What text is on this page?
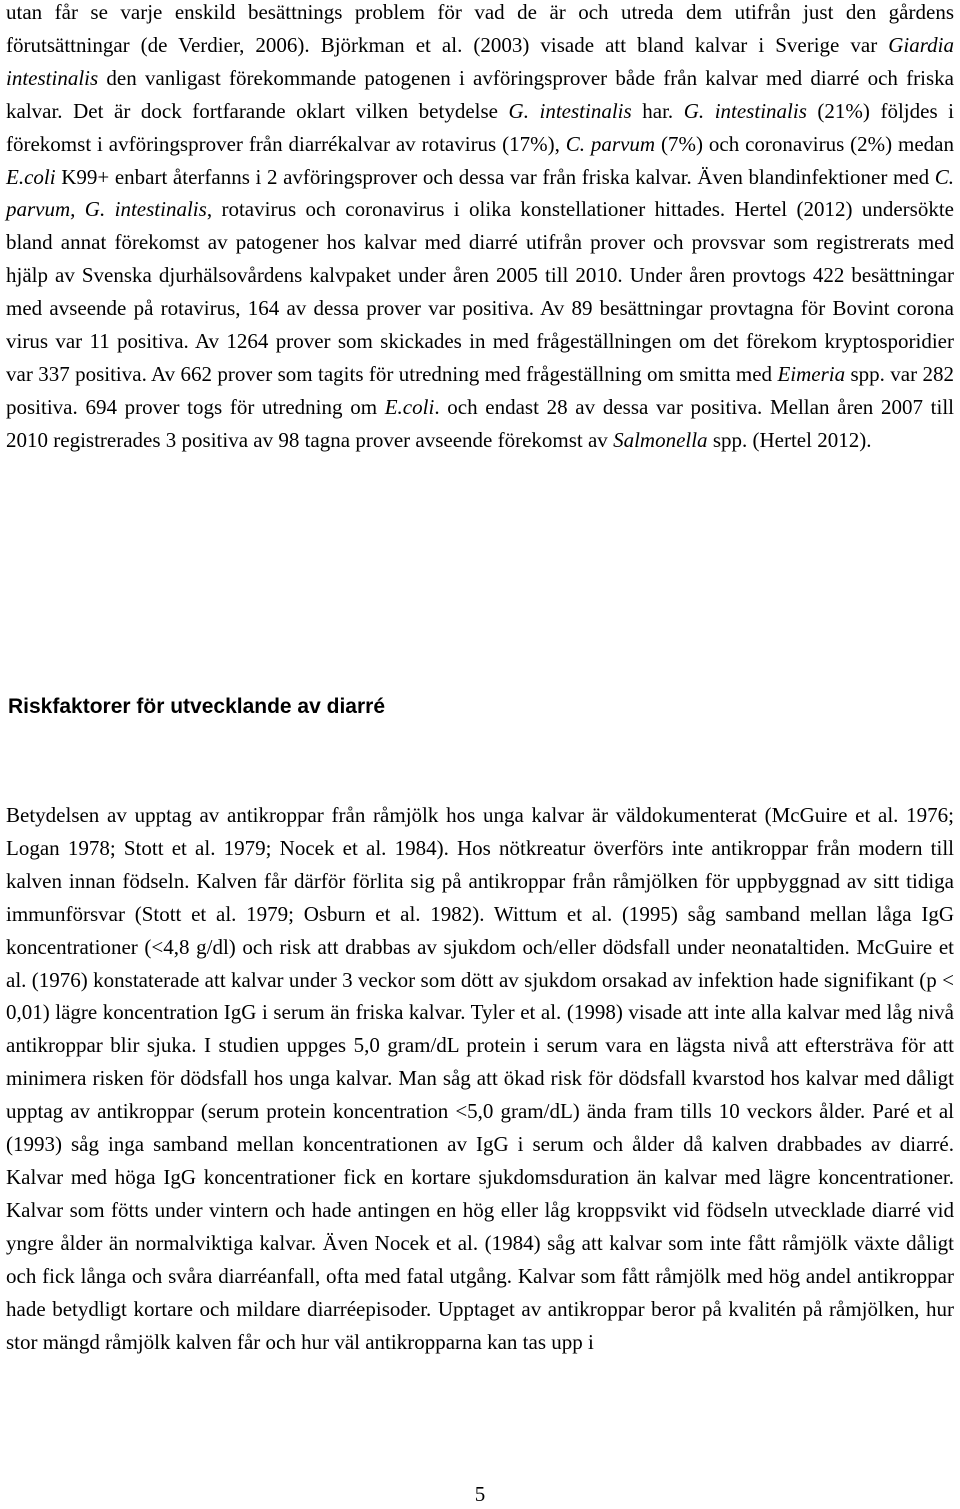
utan får se varje enskild besättnings problem för vad de är och utreda dem utifrån just den gårdens förutsättningar (de Verdier, 2006). Björkman et al. (2003) visade att bland kalvar i Sverige var Giardia intestinalis den vanligast förekommande patogenen i avföringsprover både från kalvar med diarré och friska kalvar. Det är dock fortfarande oklart vilken betydelse G. intestinalis har. G. intestinalis (21%) följdes i förekomst i avföringsprover från diarrékalvar av rotavirus (17%), C. parvum (7%) och coronavirus (2%) medan E.coli K99+ enbart återfanns i 2 avföringsprover och dessa var från friska kalvar. Även blandinfektioner med C. parvum, G. intestinalis, rotavirus och coronavirus i olika konstellationer hittades. Hertel (2012) undersökte bland annat förekomst av patogener hos kalvar med diarré utifrån prover och provsvar som registrerats med hjälp av Svenska djurhälsovårdens kalvpaket under åren 2005 till 2010. Under åren provtogs 422 besättningar med avseende på rotavirus, 164 av dessa prover var positiva. Av 89 besättningar provtagna för Bovint corona virus var 11 positiva. Av 1264 prover som skickades in med frågeställningen om det förekom kryptosporidier var 337 positiva. Av 662 prover som tagits för utredning med frågeställning om smitta med Eimeria spp. var 282 positiva. 694 prover togs för utredning om E.coli. och endast 28 av dessa var positiva. Mellan åren 2007 till 2010 registrerades 3 positiva av 98 tagna prover avseende förekomst av Salmonella spp. (Hertel 2012).

Riskfaktorer för utvecklande av diarré

Betydelsen av upptag av antikroppar från råmjölk hos unga kalvar är väldokumenterat (McGuire et al. 1976; Logan 1978; Stott et al. 1979; Nocek et al. 1984). Hos nötkreatur överförs inte antikroppar från modern till kalven innan födseln. Kalven får därför förlita sig på antikroppar från råmjölken för uppbyggnad av sitt tidiga immunförsvar (Stott et al. 1979; Osburn et al. 1982). Wittum et al. (1995) såg samband mellan låga IgG koncentrationer (<4,8 g/dl) och risk att drabbas av sjukdom och/eller dödsfall under neonataltiden. McGuire et al. (1976) konstaterade att kalvar under 3 veckor som dött av sjukdom orsakad av infektion hade signifikant (p < 0,01) lägre koncentration IgG i serum än friska kalvar. Tyler et al. (1998) visade att inte alla kalvar med låg nivå antikroppar blir sjuka. I studien uppges 5,0 gram/dL protein i serum vara en lägsta nivå att eftersträva för att minimera risken för dödsfall hos unga kalvar. Man såg att ökad risk för dödsfall kvarstod hos kalvar med dåligt upptag av antikroppar (serum protein koncentration <5,0 gram/dL) ända fram tills 10 veckors ålder. Paré et al (1993) såg inga samband mellan koncentrationen av IgG i serum och ålder då kalven drabbades av diarré. Kalvar med höga IgG koncentrationer fick en kortare sjukdomsduration än kalvar med lägre koncentrationer. Kalvar som fötts under vintern och hade antingen en hög eller låg kroppsvikt vid födseln utvecklade diarré vid yngre ålder än normalviktiga kalvar. Även Nocek et al. (1984) såg att kalvar som inte fått råmjölk växte dåligt och fick långa och svåra diarréanfall, ofta med fatal utgång. Kalvar som fått råmjölk med hög andel antikroppar hade betydligt kortare och mildare diarréepisoder. Upptaget av antikroppar beror på kvalitén på råmjölken, hur stor mängd råmjölk kalven får och hur väl antikropparna kan tas upp i

5
